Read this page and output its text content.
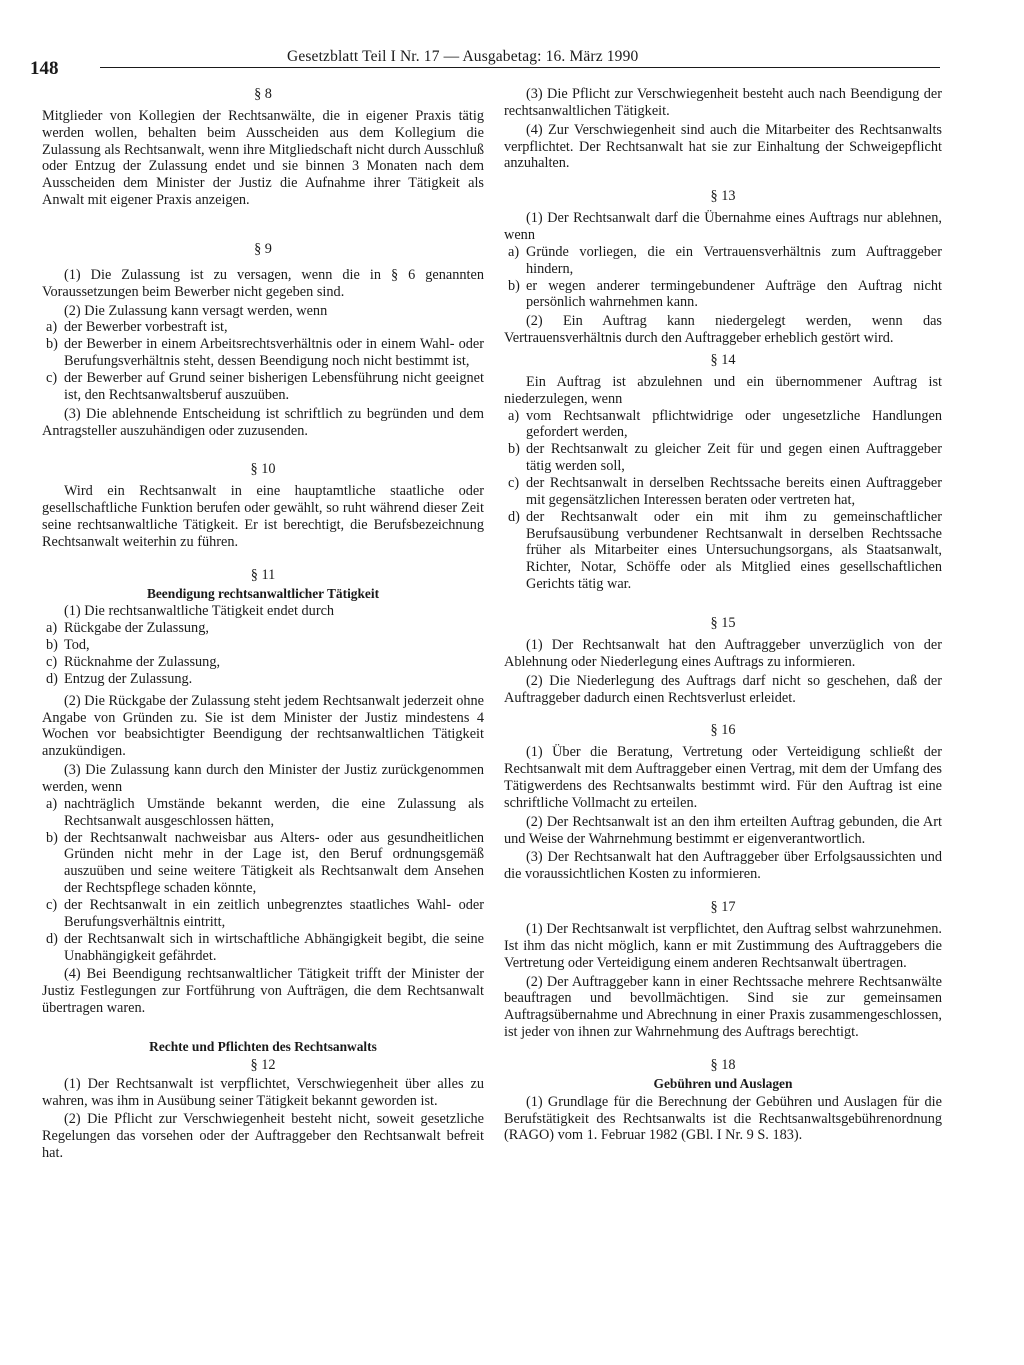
148
Gesetzblatt Teil I Nr. 17 — Ausgabetag: 16. März 1990
§ 8

Mitglieder von Kollegien der Rechtsanwälte, die in eigener Praxis tätig werden wollen, behalten beim Ausscheiden aus dem Kollegium die Zulassung als Rechtsanwalt, wenn ihre Mitgliedschaft nicht durch Ausschluß oder Entzug der Zulassung endet und sie binnen 3 Monaten nach dem Ausscheiden dem Minister der Justiz die Aufnahme ihrer Tätigkeit als Anwalt mit eigener Praxis anzeigen.

§ 9

(1) Die Zulassung ist zu versagen, wenn die in § 6 genannten Voraussetzungen beim Bewerber nicht gegeben sind.

(2) Die Zulassung kann versagt werden, wenn

a) der Bewerber vorbestraft ist,
b) der Bewerber in einem Arbeitsrechtsverhältnis oder in einem Wahl- oder Berufungsverhältnis steht, dessen Beendigung noch nicht bestimmt ist,
c) der Bewerber auf Grund seiner bisherigen Lebensführung nicht geeignet ist, den Rechtsanwaltsberuf auszuüben.

(3) Die ablehnende Entscheidung ist schriftlich zu begründen und dem Antragsteller auszuhändigen oder zuzusenden.

§ 10

Wird ein Rechtsanwalt in eine hauptamtliche staatliche oder gesellschaftliche Funktion berufen oder gewählt, so ruht während dieser Zeit seine rechtsanwaltliche Tätigkeit. Er ist berechtigt, die Berufsbezeichnung Rechtsanwalt weiterhin zu führen.

§ 11
Beendigung rechtsanwaltlicher Tätigkeit

(1) Die rechtsanwaltliche Tätigkeit endet durch

a) Rückgabe der Zulassung,
b) Tod,
c) Rücknahme der Zulassung,
d) Entzug der Zulassung.

(2) Die Rückgabe der Zulassung steht jedem Rechtsanwalt jederzeit ohne Angabe von Gründen zu. Sie ist dem Minister der Justiz mindestens 4 Wochen vor beabsichtigter Beendigung der rechtsanwaltlichen Tätigkeit anzukündigen.

(3) Die Zulassung kann durch den Minister der Justiz zurückgenommen werden, wenn

a) nachträglich Umstände bekannt werden, die eine Zulassung als Rechtsanwalt ausgeschlossen hätten,
b) der Rechtsanwalt nachweisbar aus Alters- oder aus gesundheitlichen Gründen nicht mehr in der Lage ist, den Beruf ordnungsgemäß auszuüben und seine weitere Tätigkeit als Rechtsanwalt dem Ansehen der Rechtspflege schaden könnte,
c) der Rechtsanwalt in ein zeitlich unbegrenztes staatliches Wahl- oder Berufungsverhältnis eintritt,
d) der Rechtsanwalt sich in wirtschaftliche Abhängigkeit begibt, die seine Unabhängigkeit gefährdet.

(4) Bei Beendigung rechtsanwaltlicher Tätigkeit trifft der Minister der Justiz Festlegungen zur Fortführung von Aufträgen, die dem Rechtsanwalt übertragen waren.

Rechte und Pflichten des Rechtsanwalts
§ 12

(1) Der Rechtsanwalt ist verpflichtet, Verschwiegenheit über alles zu wahren, was ihm in Ausübung seiner Tätigkeit bekannt geworden ist.

(2) Die Pflicht zur Verschwiegenheit besteht nicht, soweit gesetzliche Regelungen das vorsehen oder der Auftraggeber den Rechtsanwalt befreit hat.

(3) Die Pflicht zur Verschwiegenheit besteht auch nach Beendigung der rechtsanwaltlichen Tätigkeit.

(4) Zur Verschwiegenheit sind auch die Mitarbeiter des Rechtsanwalts verpflichtet. Der Rechtsanwalt hat sie zur Einhaltung der Schweigepflicht anzuhalten.

§ 13

(1) Der Rechtsanwalt darf die Übernahme eines Auftrags nur ablehnen, wenn

a) Gründe vorliegen, die ein Vertrauensverhältnis zum Auftraggeber hindern,
b) er wegen anderer termingebundener Aufträge den Auftrag nicht persönlich wahrnehmen kann.

(2) Ein Auftrag kann niedergelegt werden, wenn das Vertrauensverhältnis durch den Auftraggeber erheblich gestört wird.

§ 14

Ein Auftrag ist abzulehnen und ein übernommener Auftrag ist niederzulegen, wenn

a) vom Rechtsanwalt pflichtwidrige oder ungesetzliche Handlungen gefordert werden,
b) der Rechtsanwalt zu gleicher Zeit für und gegen einen Auftraggeber tätig werden soll,
c) der Rechtsanwalt in derselben Rechtssache bereits einen Auftraggeber mit gegensätzlichen Interessen beraten oder vertreten hat,
d) der Rechtsanwalt oder ein mit ihm zu gemeinschaftlicher Berufsausübung verbundener Rechtsanwalt in derselben Rechtssache früher als Mitarbeiter eines Untersuchungsorgans, als Staatsanwalt, Richter, Notar, Schöffe oder als Mitglied eines gesellschaftlichen Gerichts tätig war.
§ 15

(1) Der Rechtsanwalt hat den Auftraggeber unverzüglich von der Ablehnung oder Niederlegung eines Auftrags zu informieren.

(2) Die Niederlegung des Auftrags darf nicht so geschehen, daß der Auftraggeber dadurch einen Rechtsverlust erleidet.

§ 16

(1) Über die Beratung, Vertretung oder Verteidigung schließt der Rechtsanwalt mit dem Auftraggeber einen Vertrag, mit dem der Umfang des Tätigwerdens des Rechtsanwalts bestimmt wird. Für den Auftrag ist eine schriftliche Vollmacht zu erteilen.

(2) Der Rechtsanwalt ist an den ihm erteilten Auftrag gebunden, die Art und Weise der Wahrnehmung bestimmt er eigenverantwortlich.

(3) Der Rechtsanwalt hat den Auftraggeber über Erfolgsaussichten und die voraussichtlichen Kosten zu informieren.

§ 17

(1) Der Rechtsanwalt ist verpflichtet, den Auftrag selbst wahrzunehmen. Ist ihm das nicht möglich, kann er mit Zustimmung des Auftraggebers die Vertretung oder Verteidigung einem anderen Rechtsanwalt übertragen.

(2) Der Auftraggeber kann in einer Rechtssache mehrere Rechtsanwälte beauftragen und bevollmächtigen. Sind sie zur gemeinsamen Auftragsübernahme und Abrechnung in einer Praxis zusammengeschlossen, ist jeder von ihnen zur Wahrnehmung des Auftrags berechtigt.

§ 18
Gebühren und Auslagen

(1) Grundlage für die Berechnung der Gebühren und Auslagen für die Berufstätigkeit des Rechtsanwalts ist die Rechtsanwaltsgebührenordnung (RAGO) vom 1. Februar 1982 (GBl. I Nr. 9 S. 183).
